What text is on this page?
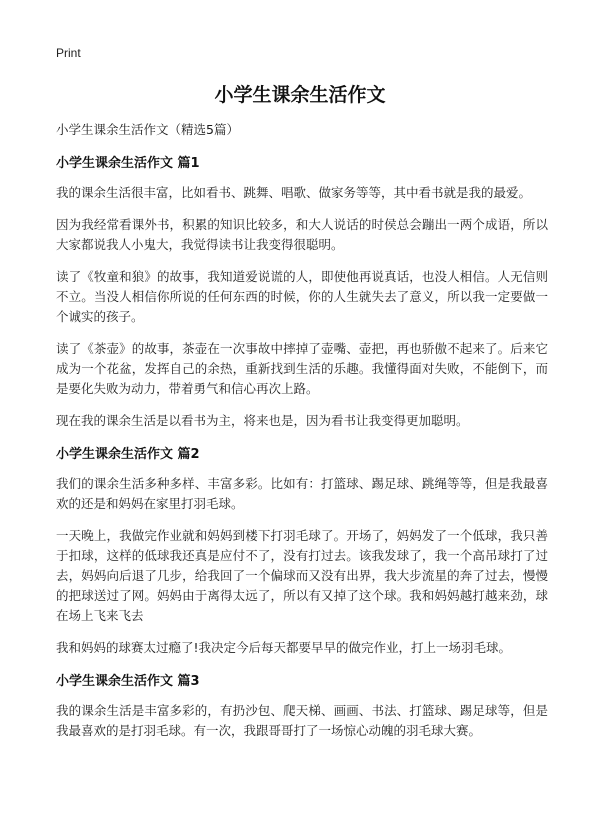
Print
小学生课余生活作文

小学生课余生活作文（精选5篇）

小学生课余生活作文 篇1

我的课余生活很丰富，比如看书、跳舞、唱歌、做家务等等，其中看书就是我的最爱。

因为我经常看课外书，积累的知识比较多，和大人说话的时侯总会蹦出一两个成语，所以大家都说我人小鬼大，我觉得读书让我变得很聪明。

读了《牧童和狼》的故事，我知道爱说谎的人，即使他再说真话，也没人相信。人无信则不立。当没人相信你所说的任何东西的时候，你的人生就失去了意义，所以我一定要做一个诚实的孩子。

读了《茶壶》的故事，茶壶在一次事故中摔掉了壶嘴、壶把，再也骄傲不起来了。后来它成为一个花盆，发挥自己的余热，重新找到生活的乐趣。我懂得面对失败，不能倒下，而是要化失败为动力，带着勇气和信心再次上路。

现在我的课余生活是以看书为主，将来也是，因为看书让我变得更加聪明。

小学生课余生活作文 篇2

我们的课余生活多种多样、丰富多彩。比如有：打篮球、踢足球、跳绳等等，但是我最喜欢的还是和妈妈在家里打羽毛球。

一天晚上，我做完作业就和妈妈到楼下打羽毛球了。开场了，妈妈发了一个低球，我只善于扣球，这样的低球我还真是应付不了，没有打过去。该我发球了，我一个高吊球打了过去，妈妈向后退了几步，给我回了一个偏球而又没有出界，我大步流星的奔了过去，慢慢的把球送过了网。妈妈由于离得太远了，所以有又掉了这个球。我和妈妈越打越来劲，球在场上飞来飞去

我和妈妈的球赛太过瘾了!我决定今后每天都要早早的做完作业，打上一场羽毛球。

小学生课余生活作文 篇3

我的课余生活是丰富多彩的，有扔沙包、爬天梯、画画、书法、打篮球、踢足球等，但是我最喜欢的是打羽毛球。有一次，我跟哥哥打了一场惊心动魄的羽毛球大赛。
